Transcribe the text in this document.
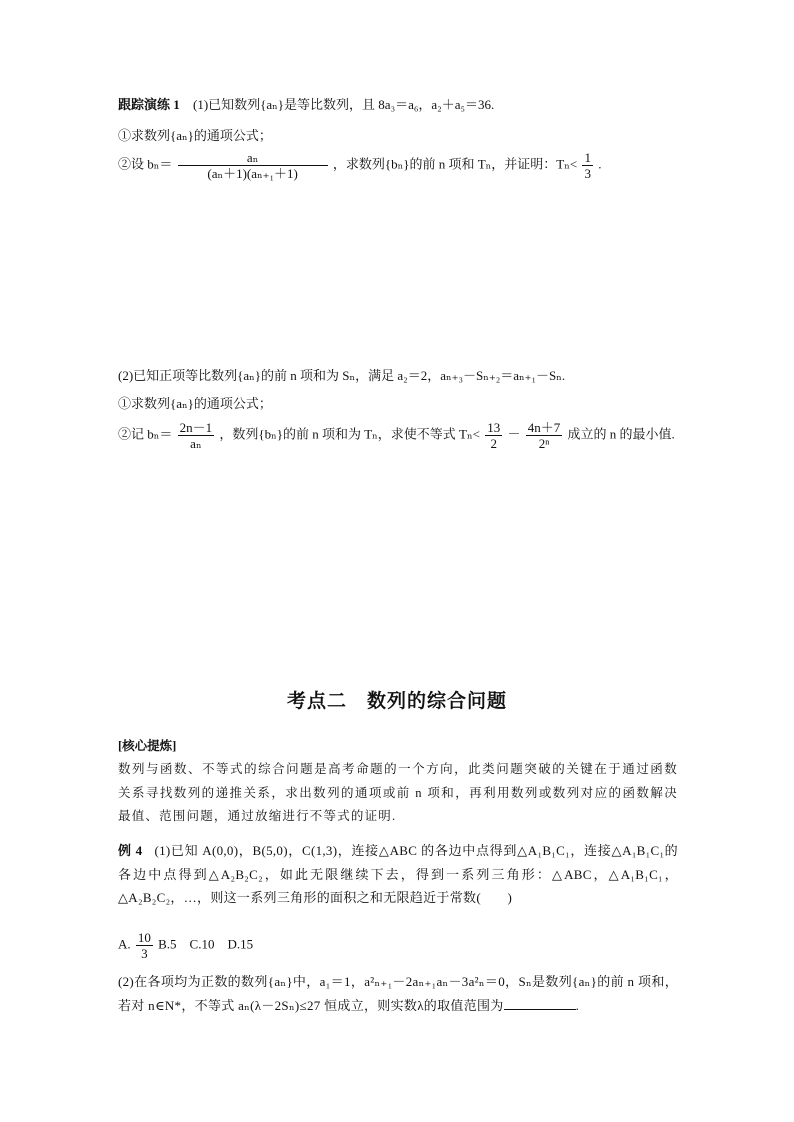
跟踪演练 1 (1)已知数列{aₙ}是等比数列，且 8a₃＝a₆，a₂＋a₅＝36.
①求数列{aₙ}的通项公式；
②设 $b_n= \frac{\text{aₙ}}{\text{(aₙ＋1)(aₙ₊₁＋1)}}$ ，求数列{bₙ}的前 n 项和 Tₙ，并证明：$T_n< \frac{1}{3}$ .
(2)已知正项等比数列{aₙ}的前 n 项和为 Sₙ，满足 a₂＝2，aₙ₊₃－Sₙ₊₂＝aₙ₊₁－Sₙ.
①求数列{aₙ}的通项公式；
②记 $b_n= \frac{2n-1}{\text{aₙ}}$ ，数列{bₙ}的前 n 项和为 Tₙ，求使不等式 $T_n< \frac{13}{2} - \frac{4n+7}{\text{2ⁿ}}$ 成立的 n 的最小值.
考点二　数列的综合问题
[核心提炼]
数列与函数、不等式的综合问题是高考命题的一个方向，此类问题突破的关键在于通过函数关系寻找数列的递推关系，求出数列的通项或前 n 项和，再利用数列或数列对应的函数解决最值、范围问题，通过放缩进行不等式的证明.
例 4 (1)已知 A(0,0)，B(5,0)，C(1,3)，连接△ABC 的各边中点得到△A₁B₁C₁，连接△A₁B₁C₁的各边中点得到△A₂B₂C₂，如此无限继续下去，得到一系列三角形：△ABC，△A₁B₁C₁，△A₂B₂C₂，…，则这一系列三角形的面积之和无限趋近于常数(　　)
A. $\frac{10}{3} B.5$　C.10　D.15
(2)在各项均为正数的数列{aₙ}中，a₁＝1，a²ₙ₊₁－2aₙ₊₁aₙ－3a²ₙ＝0，Sₙ是数列{aₙ}的前 n 项和，若对 n∈N*，不等式 aₙ(λ－2Sₙ)≤27 恒成立，则实数λ的取值范围为	.
